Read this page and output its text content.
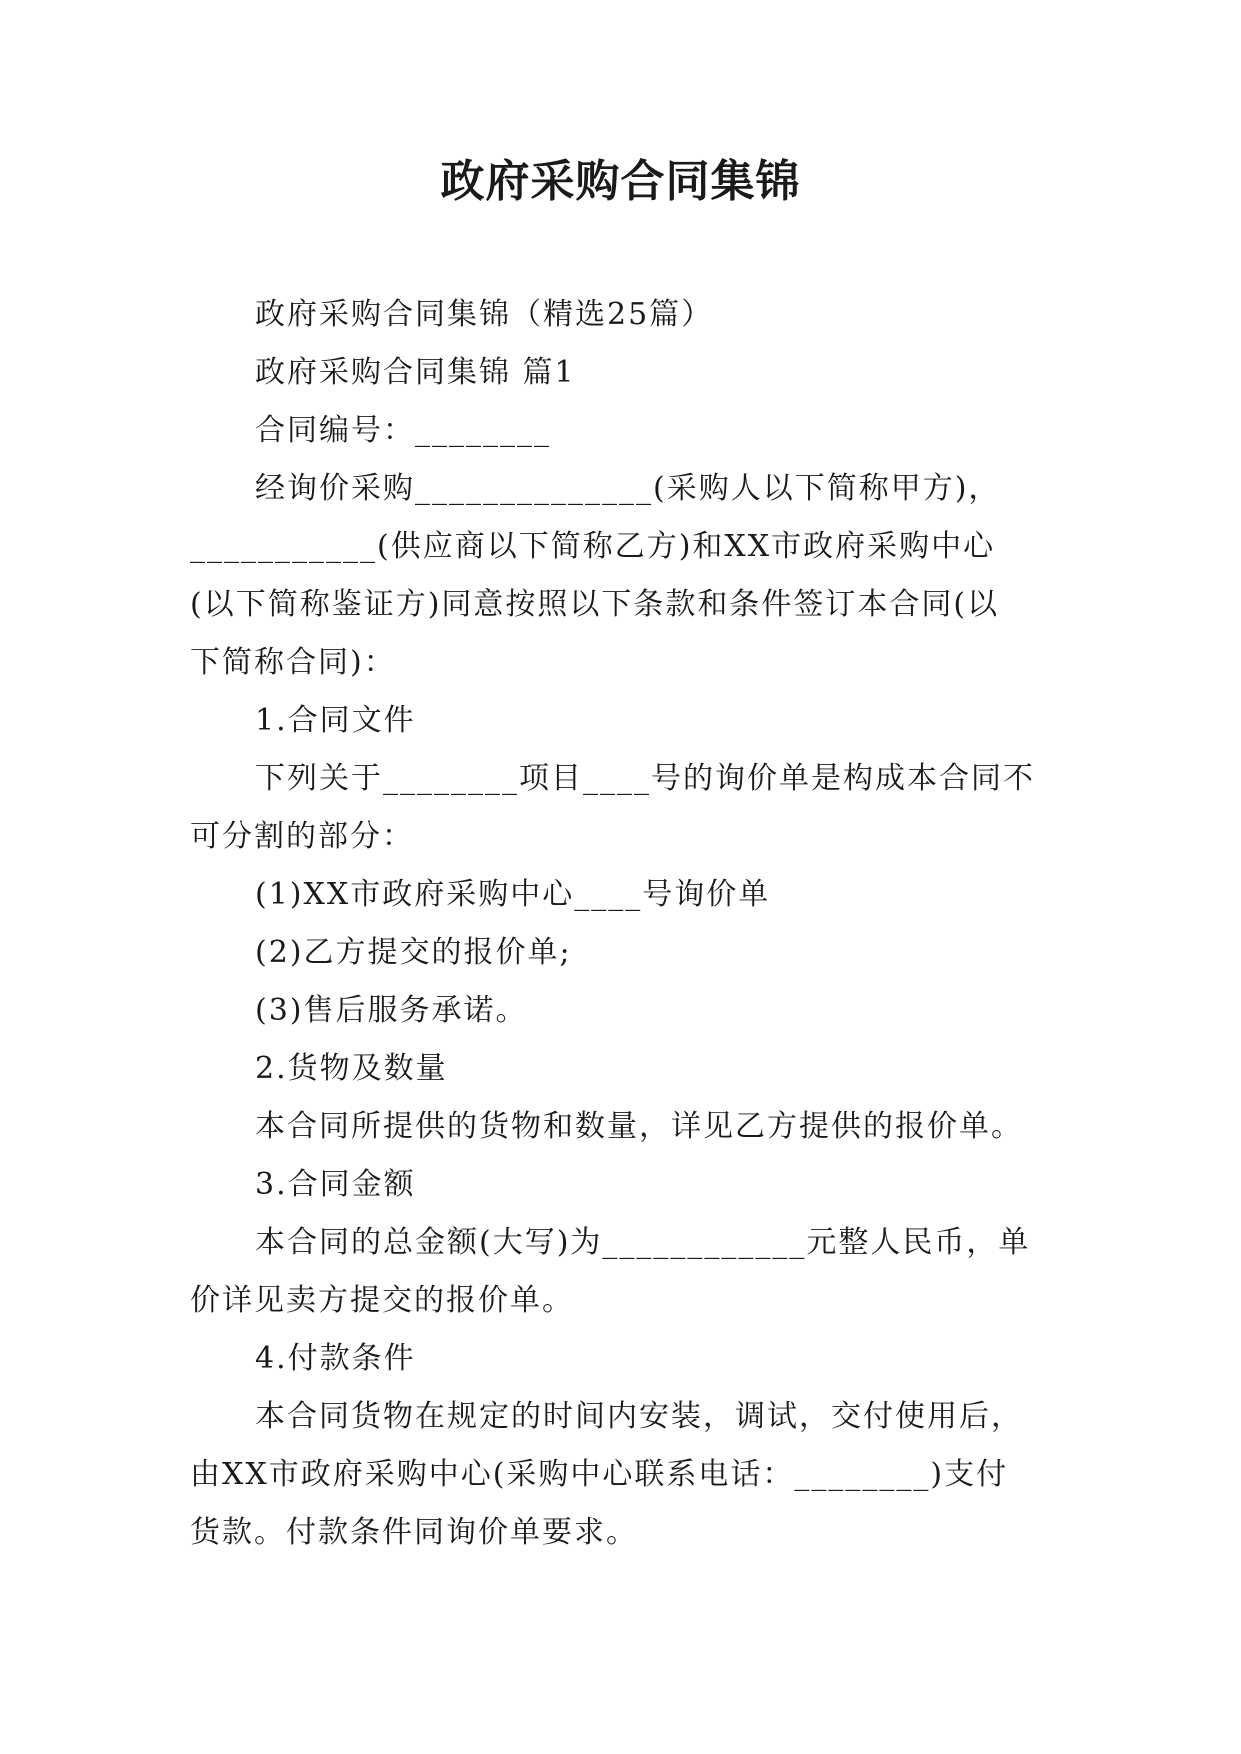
政府采购合同集锦
政府采购合同集锦（精选25篇）
政府采购合同集锦 篇1
合同编号：________
经询价采购______________(采购人以下简称甲方)，
___________(供应商以下简称乙方)和XX市政府采购中心
(以下简称鉴证方)同意按照以下条款和条件签订本合同(以
下简称合同)：
1.合同文件
下列关于________项目____号的询价单是构成本合同不
可分割的部分：
(1)XX市政府采购中心____号询价单
(2)乙方提交的报价单;
(3)售后服务承诺。
2.货物及数量
本合同所提供的货物和数量，详见乙方提供的报价单。
3.合同金额
本合同的总金额(大写)为____________元整人民币，单
价详见卖方提交的报价单。
4.付款条件
本合同货物在规定的时间内安装，调试，交付使用后，
由XX市政府采购中心(采购中心联系电话：________)支付
货款。付款条件同询价单要求。
